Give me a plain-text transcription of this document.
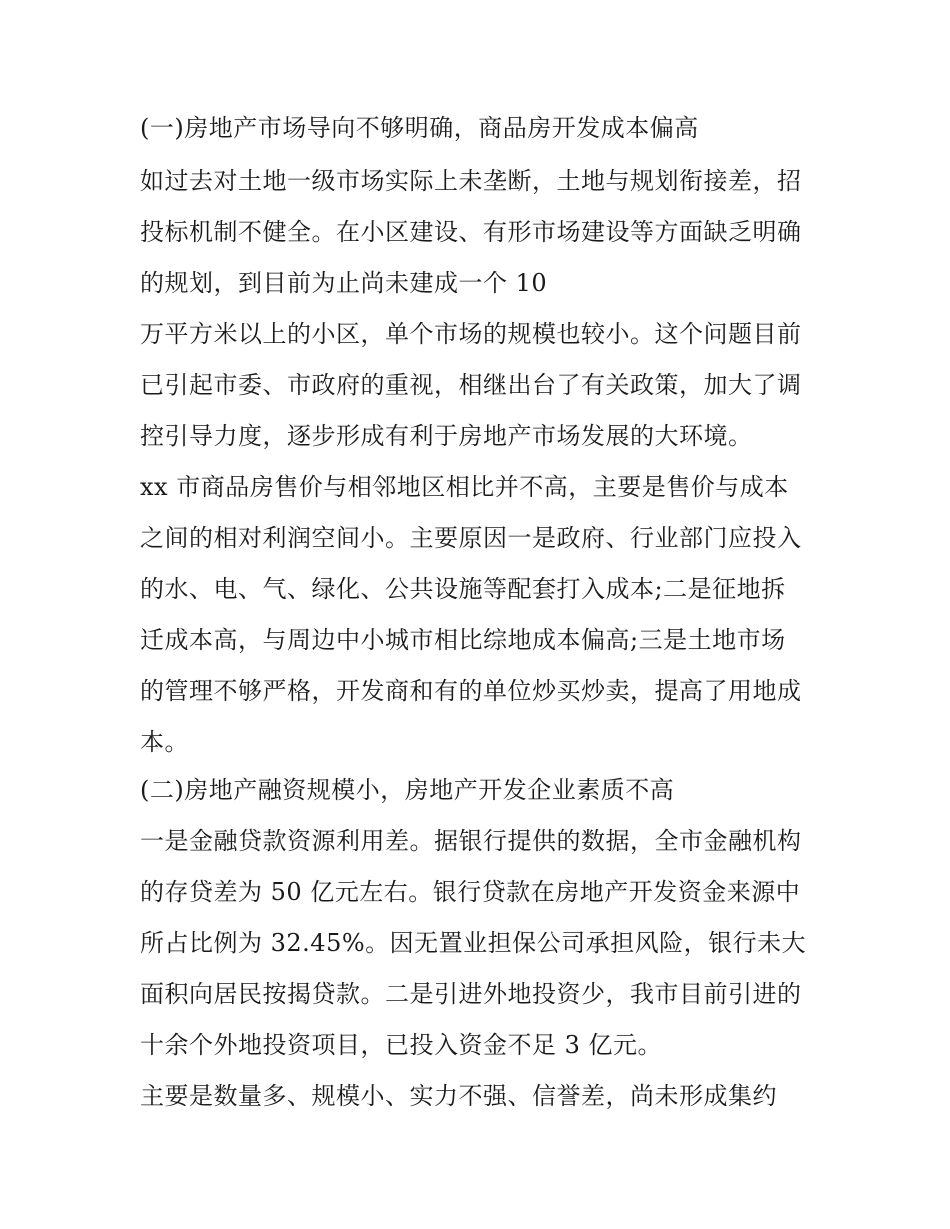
(一)房地产市场导向不够明确，商品房开发成本偏高
如过去对土地一级市场实际上未垄断，土地与规划衔接差，招
投标机制不健全。在小区建设、有形市场建设等方面缺乏明确
的规划，到目前为止尚未建成一个 10
万平方米以上的小区，单个市场的规模也较小。这个问题目前
已引起市委、市政府的重视，相继出台了有关政策，加大了调
控引导力度，逐步形成有利于房地产市场发展的大环境。
xx 市商品房售价与相邻地区相比并不高，主要是售价与成本
之间的相对利润空间小。主要原因一是政府、行业部门应投入
的水、电、气、绿化、公共设施等配套打入成本;二是征地拆
迁成本高，与周边中小城市相比综地成本偏高;三是土地市场
的管理不够严格，开发商和有的单位炒买炒卖，提高了用地成
本。
(二)房地产融资规模小，房地产开发企业素质不高
一是金融贷款资源利用差。据银行提供的数据，全市金融机构
的存贷差为 50 亿元左右。银行贷款在房地产开发资金来源中
所占比例为 32.45%。因无置业担保公司承担风险，银行未大
面积向居民按揭贷款。二是引进外地投资少，我市目前引进的
十余个外地投资项目，已投入资金不足 3 亿元。
主要是数量多、规模小、实力不强、信誉差，尚未形成集约
